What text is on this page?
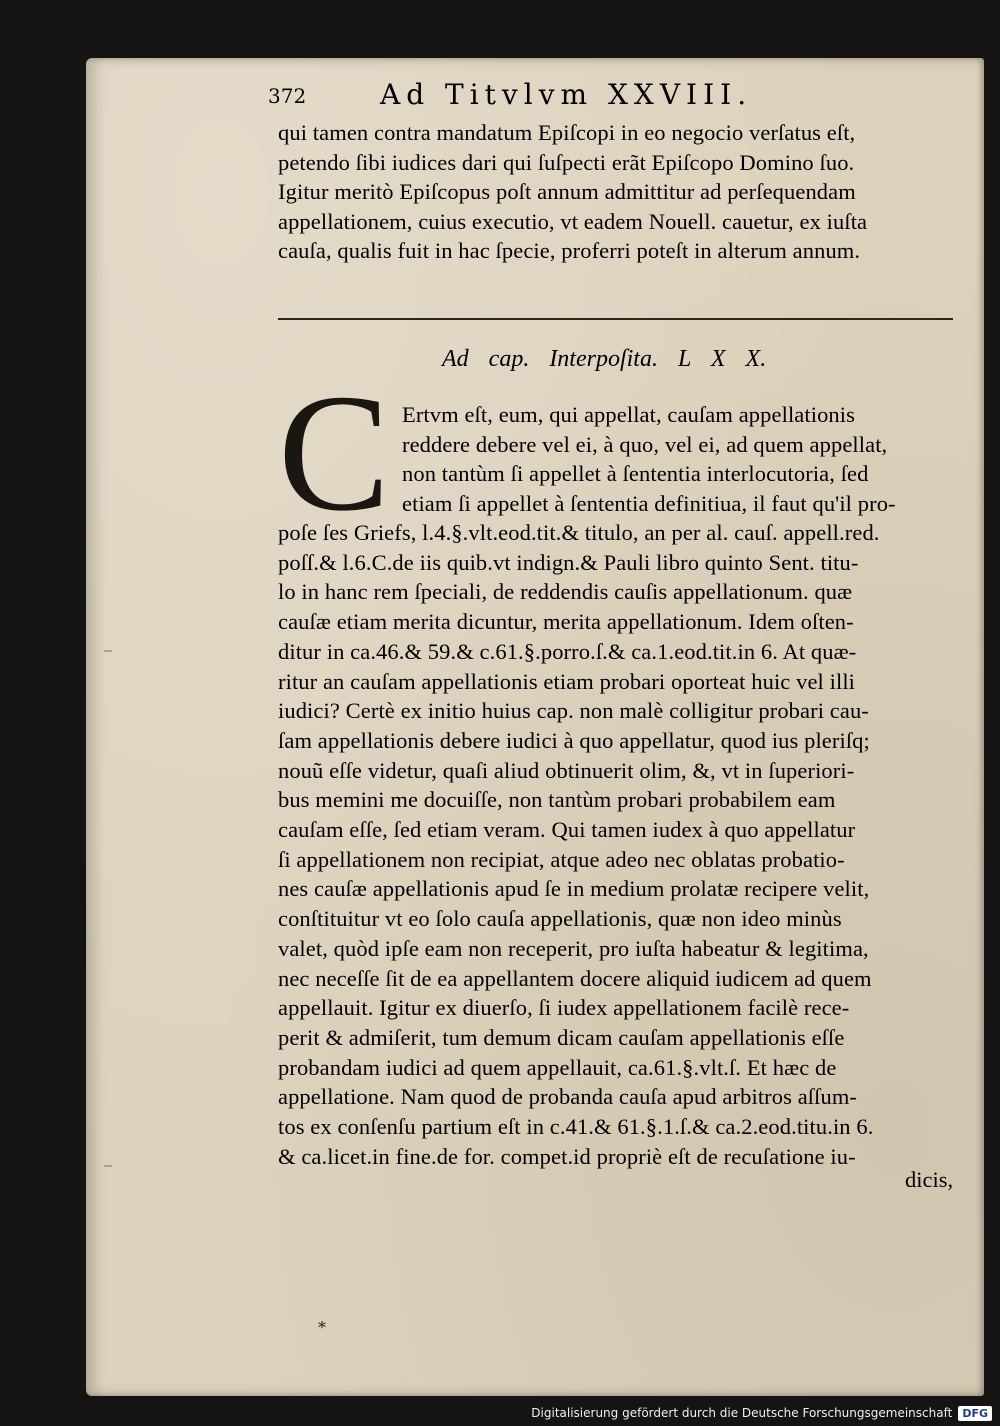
372	Ad Titvlvm XXVIII.
qui tamen contra mandatum Epiſcopi in eo negocio verſatus eſt,
petendo ſibi iudices dari qui ſuſpecti erãt Epiſcopo Domino ſuo.
Igitur meritò Epiſcopus poſt annum admittitur ad perſequendam
appellationem, cuius executio, vt eadem Nouell. cauetur, ex iuſta
cauſa, qualis fuit in hac ſpecie, proferri poteſt in alterum annum.
Ad cap. Interpoſita. L X X.
C Ertvm eſt, eum, qui appellat, cauſam appellationis
reddere debere vel ei, à quo, vel ei, ad quem appellat,
non tantùm ſi appellet à ſententia interlocutoria, ſed
etiam ſi appellet à ſententia definitiua, il faut qu'il pro-
poſe ſes Griefs, l.4.§.vlt.eod.tit.& titulo, an per al. cauſ. appell.red.
poſſ.& l.6.C.de iis quib.vt indign.& Pauli libro quinto Sent. titu-
lo in hanc rem ſpeciali, de reddendis cauſis appellationum. quæ
cauſæ etiam merita dicuntur, merita appellationum. Idem oſten-
ditur in ca.46.& 59.& c.61.§.porro.ſ.& ca.1.eod.tit.in 6. At quæ-
ritur an cauſam appellationis etiam probari oporteat huic vel illi
iudici? Certè ex initio huius cap. non malè colligitur probari cau-
ſam appellationis debere iudici à quo appellatur, quod ius pleriſq;
nouũ eſſe videtur, quaſi aliud obtinuerit olim, &, vt in ſuperiori-
bus memini me docuiſſe, non tantùm probari probabilem eam
cauſam eſſe, ſed etiam veram. Qui tamen iudex à quo appellatur
ſi appellationem non recipiat, atque adeo nec oblatas probatio-
nes cauſæ appellationis apud ſe in medium prolatæ recipere velit,
conſtituitur vt eo ſolo cauſa appellationis, quæ non ideo minùs
valet, quòd ipſe eam non receperit, pro iuſta habeatur & legitima,
nec neceſſe ſit de ea appellantem docere aliquid iudicem ad quem
appellauit. Igitur ex diuerſo, ſi iudex appellationem facilè rece-
perit & admiſerit, tum demum dicam cauſam appellationis eſſe
probandam iudici ad quem appellauit, ca.61.§.vlt.ſ. Et hæc de
appellatione. Nam quod de probanda cauſa apud arbitros aſſum-
tos ex conſenſu partium eſt in c.41.& 61.§.1.ſ.& ca.2.eod.titu.in 6.
& ca.licet.in fine.de for. compet.id propriè eſt de recuſatione iu-
dicis,
*
Digitalisierung gefördert durch die Deutsche Forschungsgemeinschaft DFG
